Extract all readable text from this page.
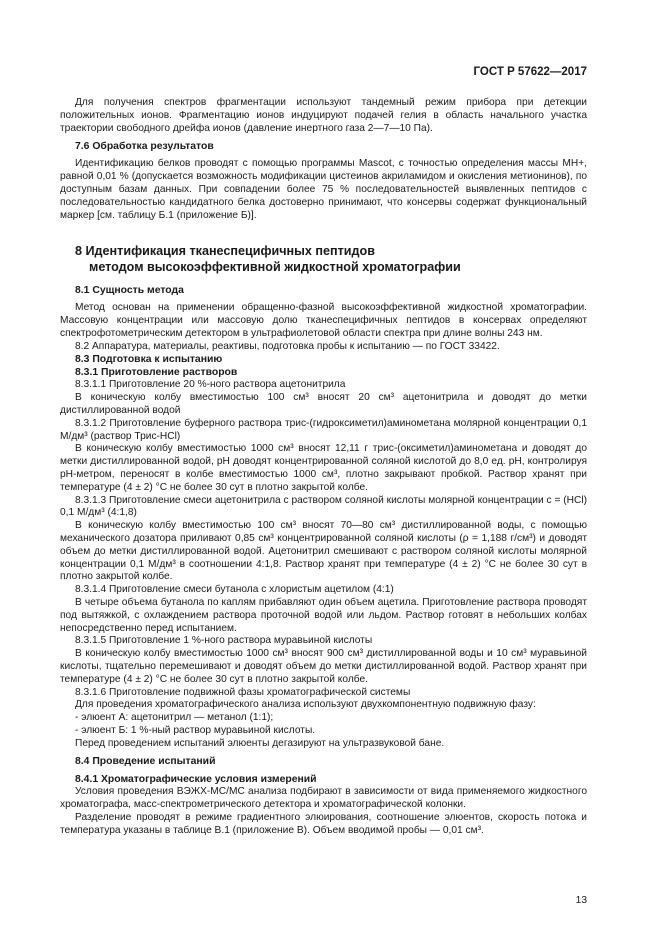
ГОСТ Р 57622—2017

Для получения спектров фрагментации используют тандемный режим прибора при детекции положительных ионов. Фрагментацию ионов индуцируют подачей гелия в область начального участка траектории свободного дрейфа ионов (давление инертного газа 2—7—10 Па).

7.6 Обработка результатов

Идентификацию белков проводят с помощью программы Mascot, с точностью определения массы МН+, равной 0,01 % (допускается возможность модификации цистеинов акриламидом и окисления метионинов), по доступным базам данных. При совпадении более 75 % последовательностей выявленных пептидов с последовательностью кандидатного белка достоверно принимают, что консервы содержат функциональный маркер [см. таблицу Б.1 (приложение Б)].

8 Идентификация тканеспецифичных пептидов
методом высокоэффективной жидкостной хроматографии

8.1 Сущность метода

Метод основан на применении обращенно-фазной высокоэффективной жидкостной хроматографии. Массовую концентрации или массовую долю тканеспецифичных пептидов в консервах определяют спектрофотометрическим детектором в ультрафиолетовой области спектра при длине волны 243 нм.

8.2 Аппаратура, материалы, реактивы, подготовка пробы к испытанию — по ГОСТ 33422.

8.3 Подготовка к испытанию

8.3.1 Приготовление растворов

8.3.1.1 Приготовление 20 %-ного раствора ацетонитрила

В коническую колбу вместимостью 100 см³ вносят 20 см³ ацетонитрила и доводят до метки дистиллированной водой

8.3.1.2 Приготовление буферного раствора трис-(гидроксиметил)аминометана молярной концентрации 0,1 М/дм³ (раствор Трис-HCl)

В коническую колбу вместимостью 1000 см³ вносят 12,11 г трис-(оксиметил)аминометана и доводят до метки дистиллированной водой, pH доводят концентрированной соляной кислотой до 8,0 ед. pH, контролируя pH-метром, переносят в колбе вместимостью 1000 см³, плотно закрывают пробкой. Раствор хранят при температуре (4 ± 2) °С не более 30 сут в плотно закрытой колбе.

8.3.1.3 Приготовление смеси ацетонитрила с раствором соляной кислоты молярной концентрации с = (HCl) 0,1 М/дм³ (4:1,8)

В коническую колбу вместимостью 100 см³ вносят 70—80 см³ дистиллированной воды, с помощью механического дозатора приливают 0,85 см³ концентрированной соляной кислоты (ρ = 1,188 г/см³) и доводят объем до метки дистиллированной водой. Ацетонитрил смешивают с раствором соляной кислоты молярной концентрации 0,1 М/дм³ в соотношении 4:1,8. Раствор хранят при температуре (4 ± 2) °С не более 30 сут в плотно закрытой колбе.

8.3.1.4 Приготовление смеси бутанола с хлористым ацетилом (4:1)

В четыре объема бутанола по каплям прибавляют один объем ацетила. Приготовление раствора проводят под вытяжкой, с охлаждением раствора проточной водой или льдом. Раствор готовят в небольших колбах непосредственно перед испытанием.

8.3.1.5 Приготовление 1 %-ного раствора муравьиной кислоты

В коническую колбу вместимостью 1000 см³ вносят 900 см³ дистиллированной воды и 10 см³ муравьиной кислоты, тщательно перемешивают и доводят объем до метки дистиллированной водой. Раствор хранят при температуре (4 ± 2) °С не более 30 сут в плотно закрытой колбе.

8.3.1.6 Приготовление подвижной фазы хроматографической системы

Для проведения хроматографического анализа используют двухкомпонентную подвижную фазу:

- элюент А: ацетонитрил — метанол (1:1);

- элюент Б: 1 %-ный раствор муравьиной кислоты.

Перед проведением испытаний элюенты дегазируют на ультразвуковой бане.

8.4 Проведение испытаний

8.4.1 Хроматографические условия измерений

Условия проведения ВЭЖХ-МС/МС анализа подбирают в зависимости от вида применяемого жидкостного хроматографа, масс-спектрометрического детектора и хроматографической колонки.

Разделение проводят в режиме градиентного элюирования, соотношение элюентов, скорость потока и температура указаны в таблице В.1 (приложение В). Объем вводимой пробы — 0,01 см³.

13
